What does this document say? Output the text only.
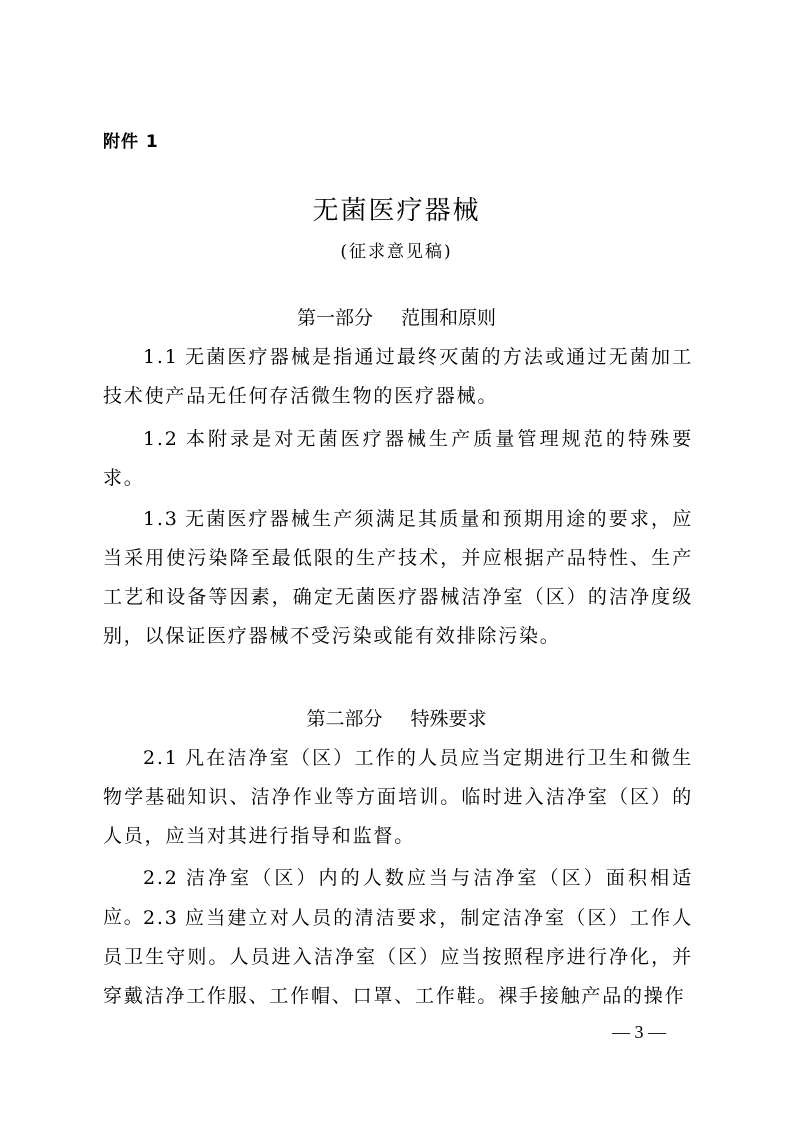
附件 1
无菌医疗器械
(征求意见稿)
第一部分 范围和原则

1.1 无菌医疗器械是指通过最终灭菌的方法或通过无菌加工技术使产品无任何存活微生物的医疗器械。

1.2 本附录是对无菌医疗器械生产质量管理规范的特殊要求。

1.3 无菌医疗器械生产须满足其质量和预期用途的要求，应当采用使污染降至最低限的生产技术，并应根据产品特性、生产工艺和设备等因素，确定无菌医疗器械洁净室（区）的洁净度级别，以保证医疗器械不受污染或能有效排除污染。

第二部分 特殊要求

2.1 凡在洁净室（区）工作的人员应当定期进行卫生和微生物学基础知识、洁净作业等方面培训。临时进入洁净室（区）的人员，应当对其进行指导和监督。

2.2 洁净室（区）内的人数应当与洁净室（区）面积相适应。

2.3 应当建立对人员的清洁要求，制定洁净室（区）工作人员卫生守则。人员进入洁净室（区）应当按照程序进行净化，并穿戴洁净工作服、工作帽、口罩、工作鞋。裸手接触产品的操作

— 3 —
